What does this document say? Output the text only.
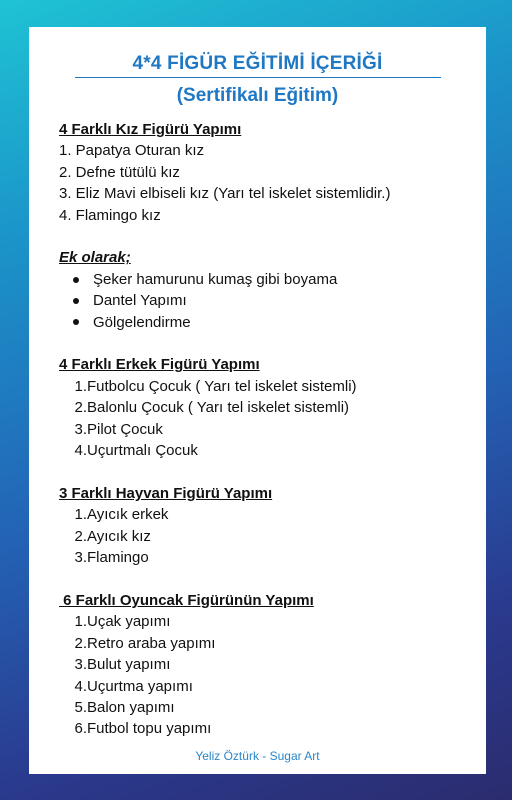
4*4 FİGÜR EĞİTİMİ İÇERİĞİ
(Sertifikalı Eğitim)

4 Farklı Kız Figürü Yapımı

1. Papatya Oturan kız

2. Defne tütülü kız

3. Eliz Mavi elbiseli kız (Yarı tel iskelet sistemlidir.)

4. Flamingo kız

Ek olarak;

Şeker hamurunu kumaş gibi boyama
Dantel Yapımı
Gölgelendirme

4 Farklı Erkek Figürü Yapımı

1. Futbolcu Çocuk ( Yarı tel iskelet sistemli)
2. Balonlu Çocuk ( Yarı tel iskelet sistemli)
3. Pilot Çocuk
4. Uçurtmalı Çocuk

3 Farklı Hayvan Figürü Yapımı

1. Ayıcık erkek
2. Ayıcık kız
3. Flamingo

6 Farklı Oyuncak Figürünün Yapımı

1. Uçak yapımı
2. Retro araba yapımı
3. Bulut yapımı
4. Uçurtma yapımı
5. Balon yapımı
6. Futbol topu yapımı
Yeliz Öztürk - Sugar Art
